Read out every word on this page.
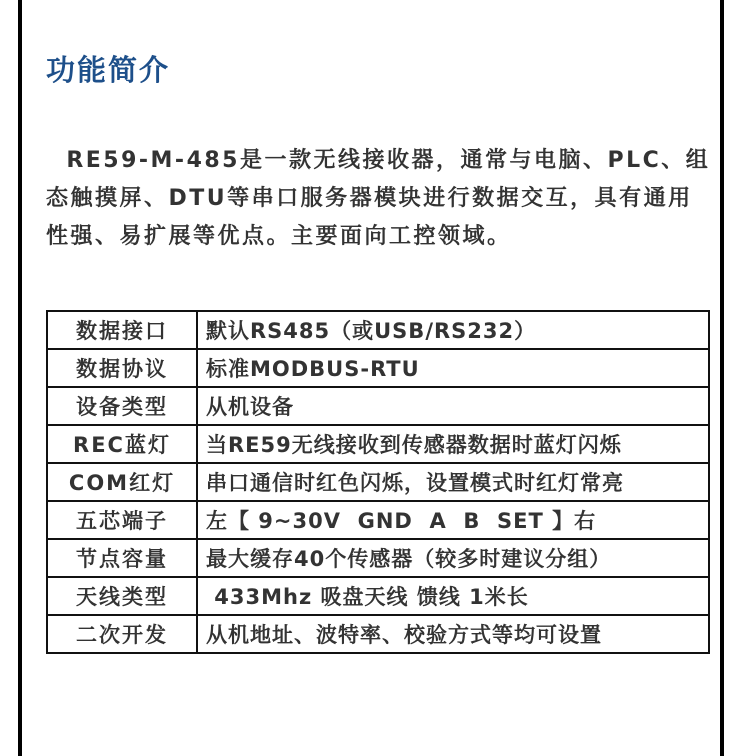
功能简介
RE59-M-485是一款无线接收器，通常与电脑、PLC、组态触摸屏、DTU等串口服务器模块进行数据交互，具有通用性强、易扩展等优点。主要面向工控领域。
数据接口	默认RS485（或USB/RS232）
数据协议	标准MODBUS-RTU
设备类型	从机设备
REC蓝灯	当RE59无线接收到传感器数据时蓝灯闪烁
COM红灯	串口通信时红色闪烁，设置模式时红灯常亮
五芯端子	左【 9~30V  GND  A  B  SET 】右
节点容量	最大缓存40个传感器（较多时建议分组）
天线类型	433Mhz 吸盘天线 馈线 1米长
二次开发	从机地址、波特率、校验方式等均可设置
